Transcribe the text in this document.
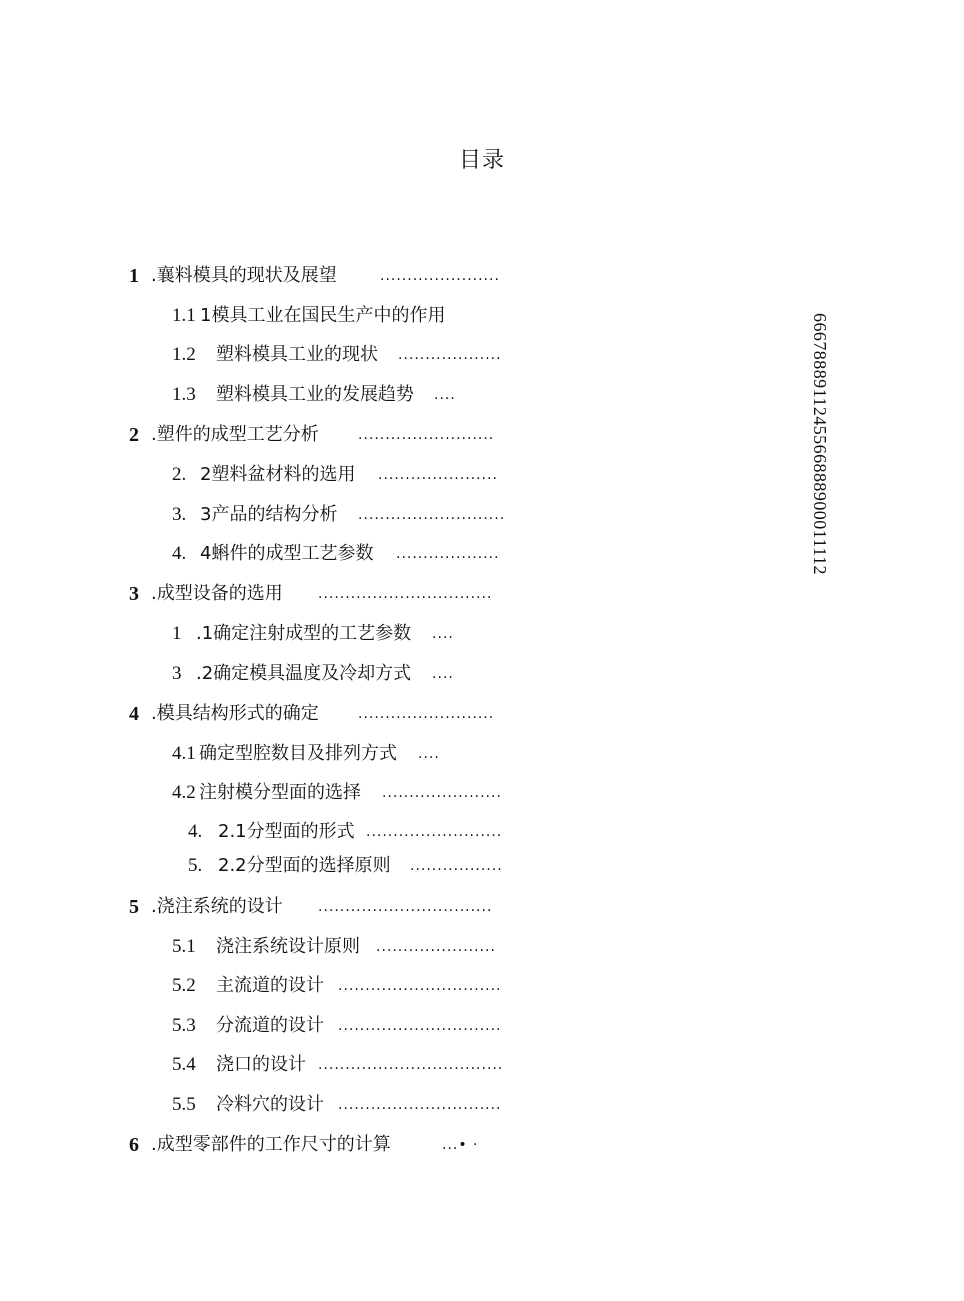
目录
1 .襄料模具的现状及展望	......................
1.1 1模具工业在国民生产中的作用
1.2 塑料模具工业的现状 ...................
1.3 塑料模具工业的发展趋势 ....
2 .塑件的成型工艺分析	.........................
2. 2塑料盆材料的选用 ......................
3. 3产品的结构分析 ...........................
4. 4蝌件的成型工艺参数 ...................
3 .成型设备的选用	................................
1 .1确定注射成型的工艺参数 ....
3 .2确定模具温度及冷却方式 ....
4 .模具结构形式的确定	.........................
4.1 确定型腔数目及排列方式 ....
4.2 注射模分型面的选择 ......................
4. 2.1分型面的形式 .........................
5. 2.2分型面的选择原则 .................
5 .浇注系统的设计	................................
5.1 浇注系统设计原则 ......................
5.2 主流道的设计 ..............................
5.3 分流道的设计 ..............................
5.4 浇口的设计 ..................................
5.5 冷料穴的设计 ..............................
6 .成型零部件的工作尺寸的计算	...• ·
6667888911245566888900011112
